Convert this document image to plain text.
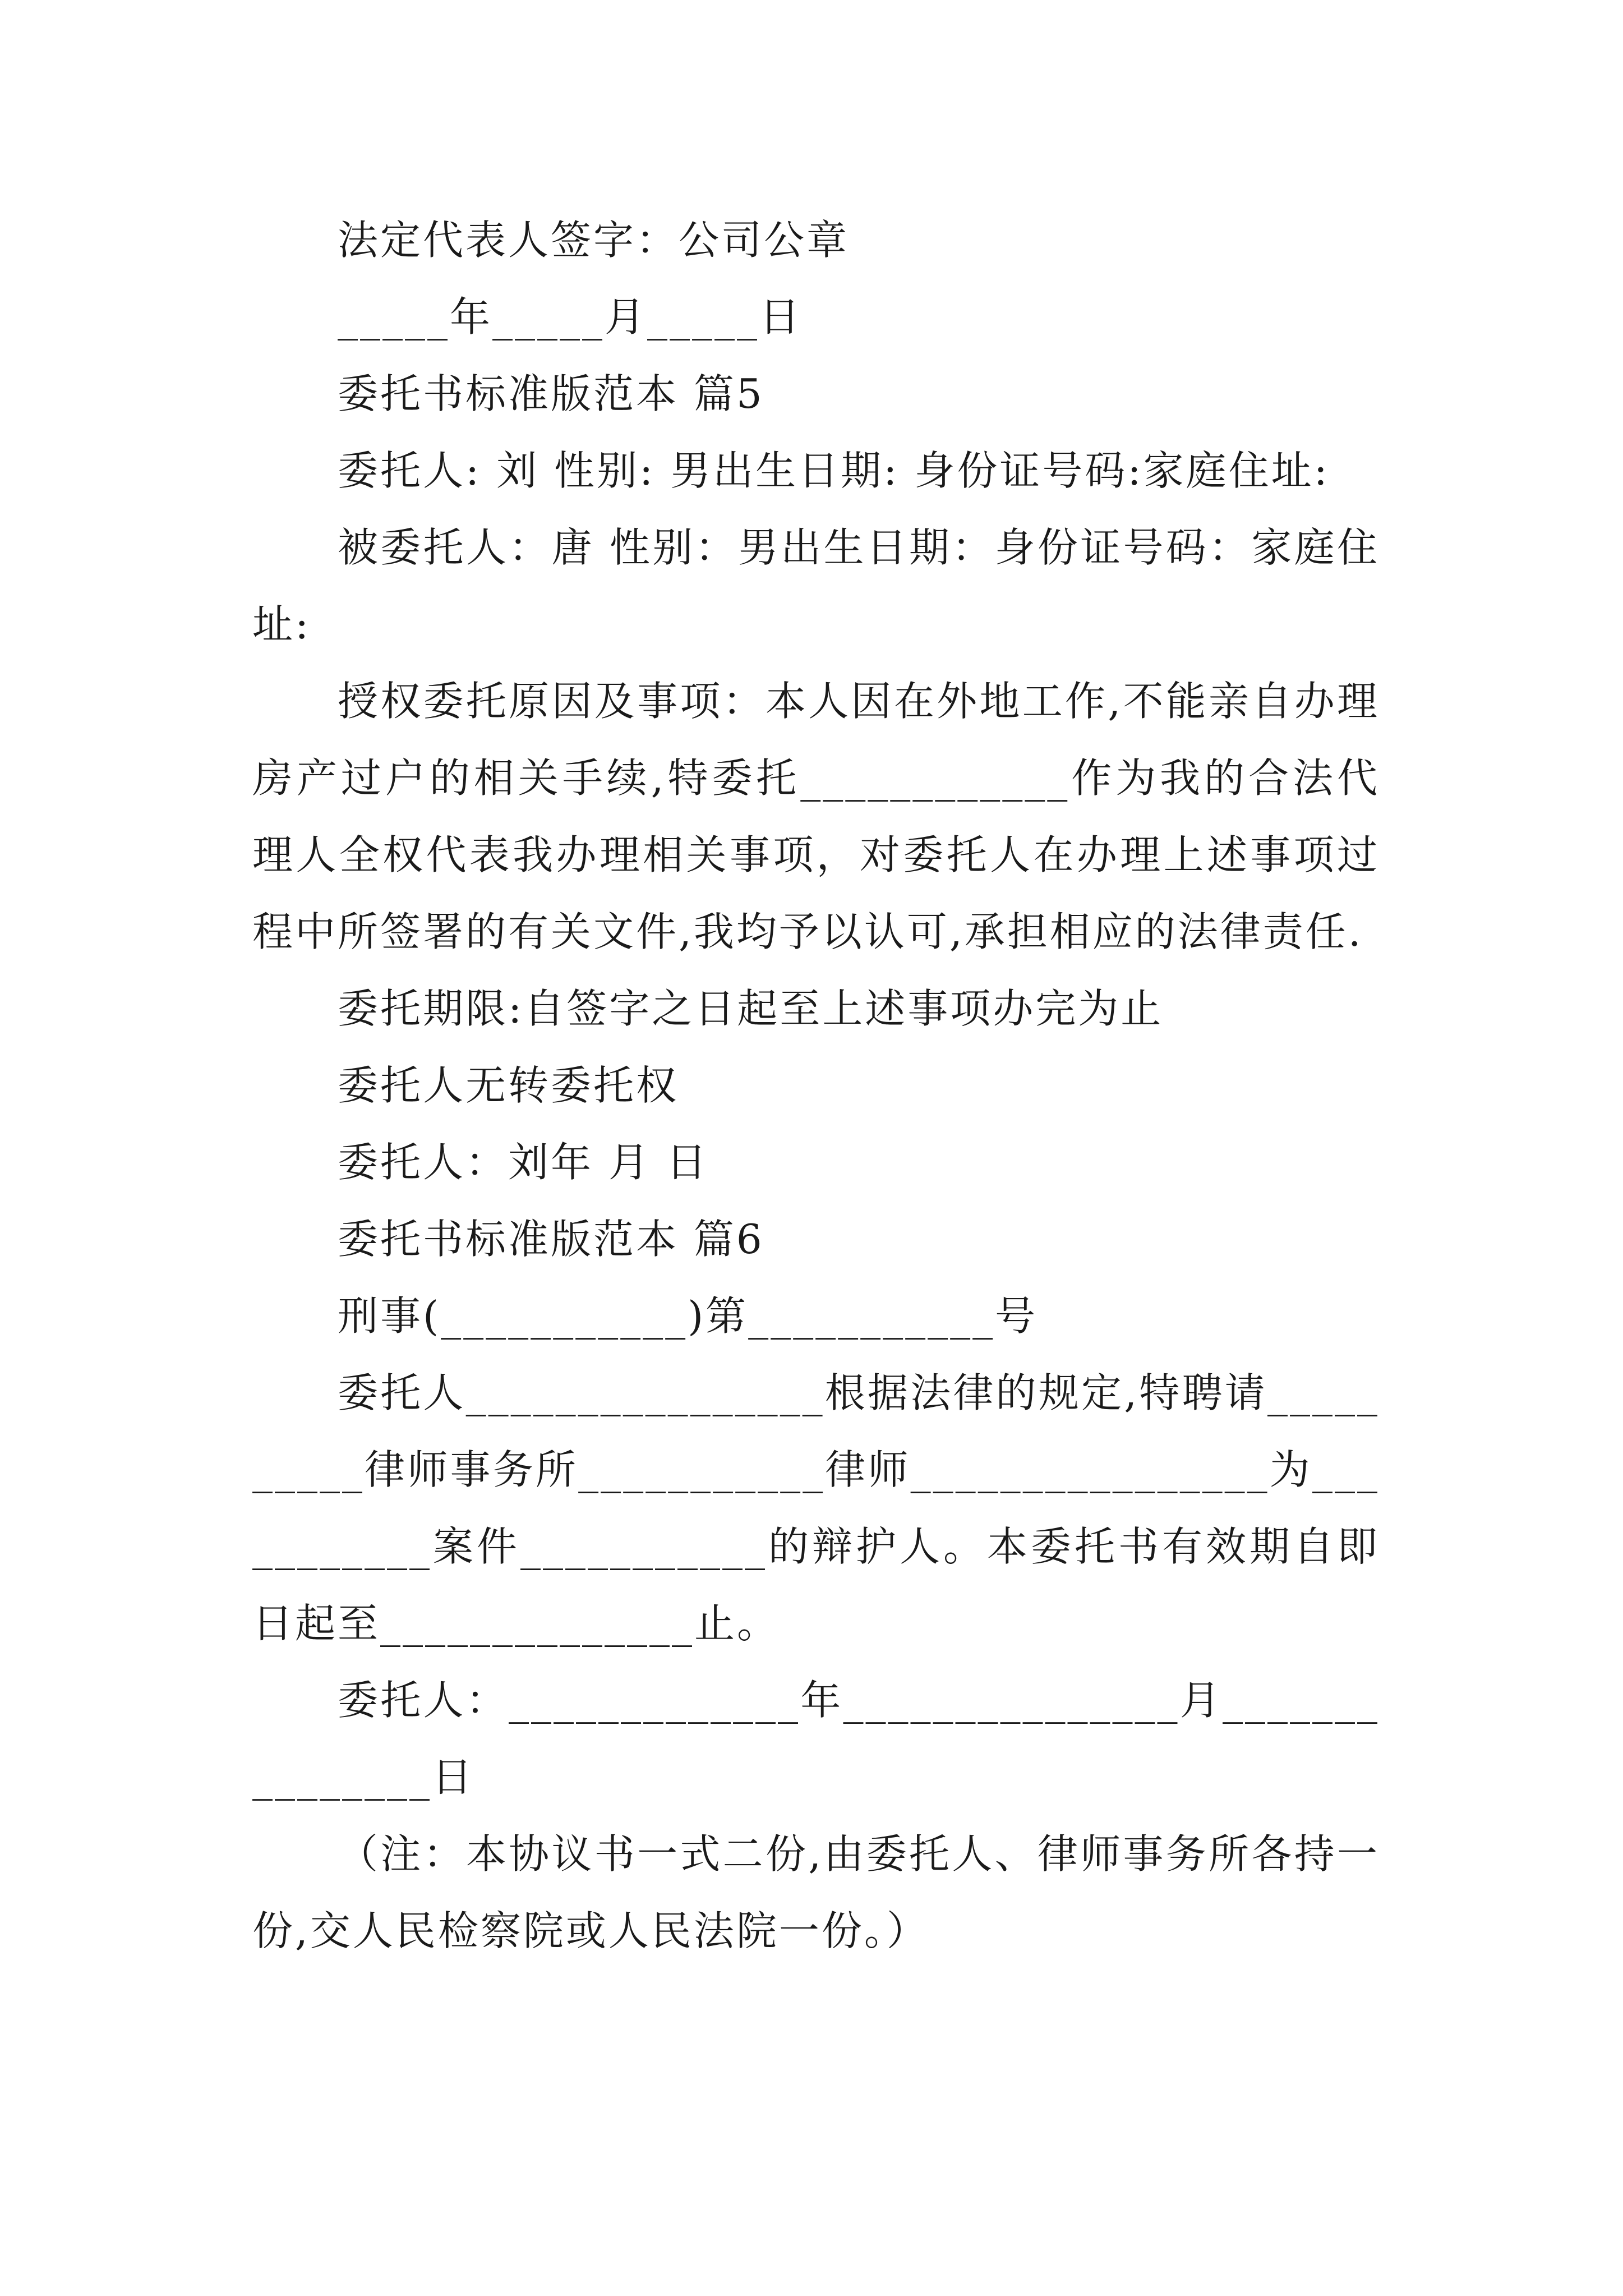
法定代表人签字：公司公章

_____年_____月_____日

委托书标准版范本 篇5

委托人: 刘 性别: 男出生日期: 身份证号码:家庭住址:

被委托人：唐 性别：男出生日期：身份证号码：家庭住址:

授权委托原因及事项：本人因在外地工作,不能亲自办理房产过户的相关手续,特委托____________作为我的合法代理人全权代表我办理相关事项，对委托人在办理上述事项过程中所签署的有关文件,我均予以认可,承担相应的法律责任.

委托期限:自签字之日起至上述事项办完为止

委托人无转委托权

委托人：刘年 月 日

委托书标准版范本 篇6

刑事(___________)第___________号

委托人________________根据法律的规定,特聘请__________律师事务所___________律师________________为___________案件___________的辩护人。本委托书有效期自即日起至______________止。

委托人：_____________年_______________月_______________日

（注：本协议书一式二份,由委托人、律师事务所各持一份,交人民检察院或人民法院一份。）
